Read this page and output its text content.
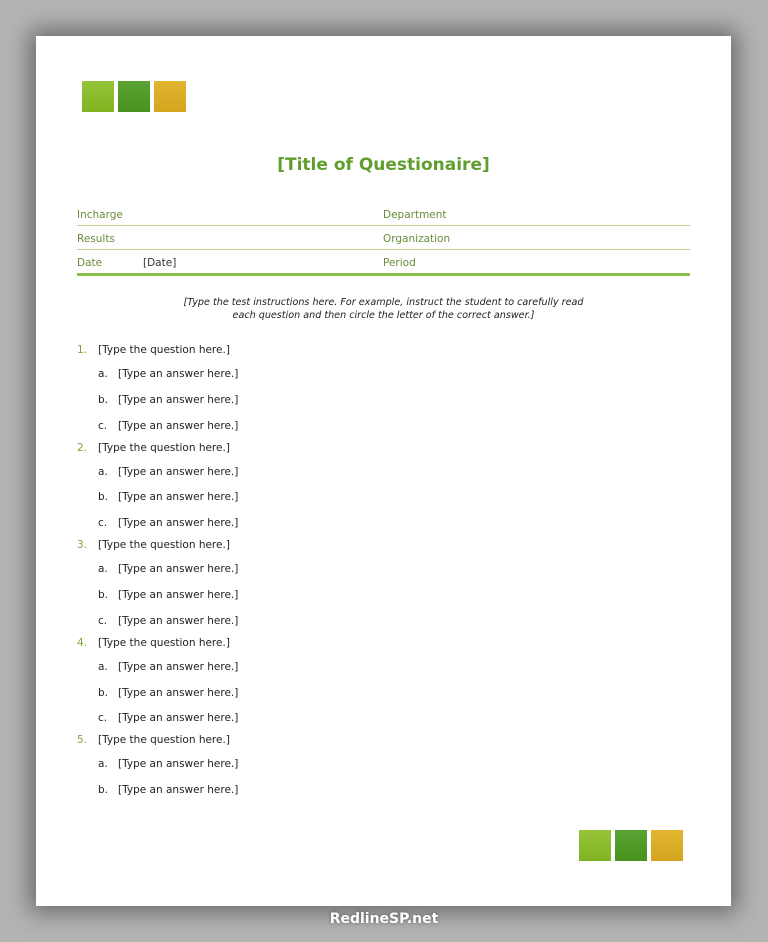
[Title of Questionaire]
Incharge	Department
Results	Organization
Date	[Date]	Period
[Type the test instructions here. For example, instruct the student to carefully read
each question and then circle the letter of the correct answer.]
1. [Type the question here.]
a. [Type an answer here.]
b. [Type an answer here.]
c. [Type an answer here.]
2. [Type the question here.]
a. [Type an answer here.]
b. [Type an answer here.]
c. [Type an answer here.]
3. [Type the question here.]
a. [Type an answer here.]
b. [Type an answer here.]
c. [Type an answer here.]
4. [Type the question here.]
a. [Type an answer here.]
b. [Type an answer here.]
c. [Type an answer here.]
5. [Type the question here.]
a. [Type an answer here.]
b. [Type an answer here.]
RedlineSP.net
